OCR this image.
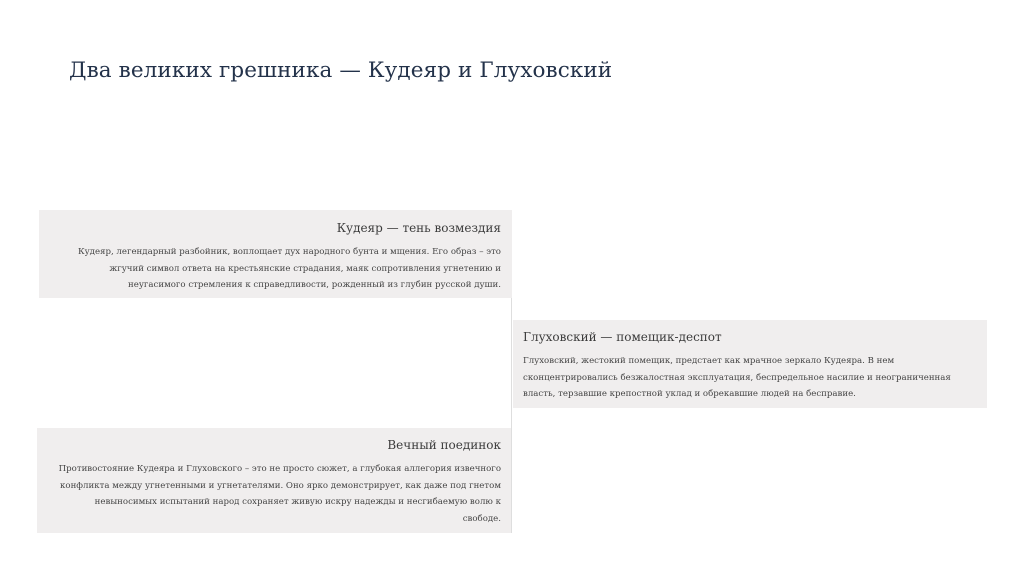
Два великих грешника — Кудеяр и Глуховский
Кудеяр — тень возмездия

Кудеяр, легендарный разбойник, воплощает дух народного бунта и мщения. Его образ – это жгучий символ ответа на крестьянские страдания, маяк сопротивления угнетению и неугасимого стремления к справедливости, рожденный из глубин русской души.

Глуховский — помещик-деспот

Глуховский, жестокий помещик, предстает как мрачное зеркало Кудеяра. В нем сконцентрировались безжалостная эксплуатация, беспредельное насилие и неограниченная власть, терзавшие крепостной уклад и обрекавшие людей на бесправие.

Вечный поединок

Противостояние Кудеяра и Глуховского – это не просто сюжет, а глубокая аллегория извечного конфликта между угнетенными и угнетателями. Оно ярко демонстрирует, как даже под гнетом невыносимых испытаний народ сохраняет живую искру надежды и несгибаемую волю к свободе.
